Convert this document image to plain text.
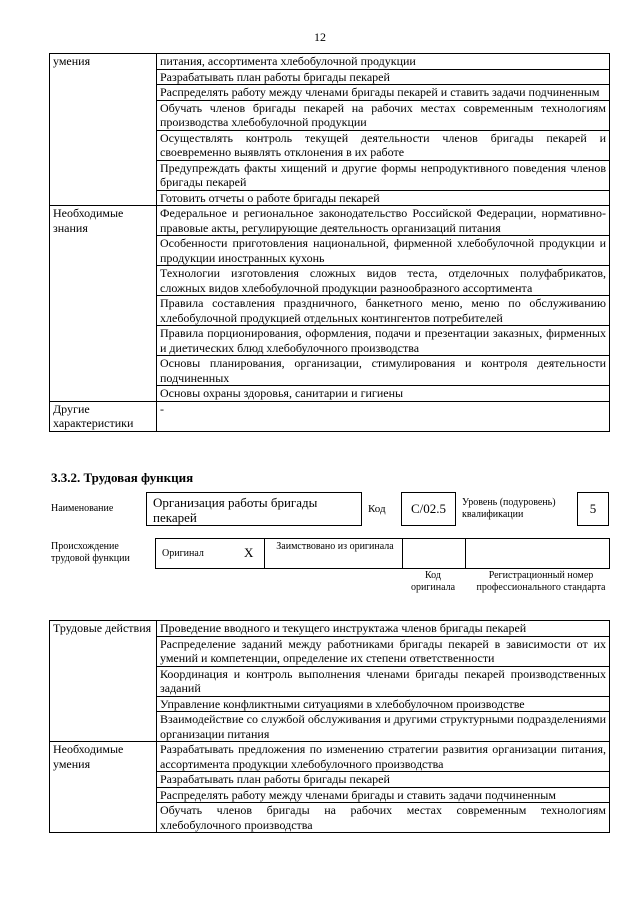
12
умения	питания, ассортимента хлебобулочной продукции
	Разрабатывать план работы бригады пекарей
	Распределять работу между членами бригады пекарей и ставить задачи подчиненным
	Обучать членов бригады пекарей на рабочих местах современным технологиям производства хлебобулочной продукции
	Осуществлять контроль текущей деятельности членов бригады пекарей и своевременно выявлять отклонения в их работе
	Предупреждать факты хищений и другие формы непродуктивного поведения членов бригады пекарей
	Готовить отчеты о работе бригады пекарей
Необходимые знания	Федеральное и региональное законодательство Российской Федерации, нормативно-правовые акты, регулирующие деятельность организаций питания
	Особенности приготовления национальной, фирменной хлебобулочной продукции и продукции иностранных кухонь
	Технологии изготовления сложных видов теста, отделочных полуфабрикатов, сложных видов хлебобулочной продукции разнообразного ассортимента
	Правила составления праздничного, банкетного меню, меню по обслуживанию хлебобулочной продукцией отдельных контингентов потребителей
	Правила порционирования, оформления, подачи и презентации заказных, фирменных и диетических блюд хлебобулочного производства
	Основы планирования, организации, стимулирования и контроля деятельности подчиненных
	Основы охраны здоровья, санитарии и гигиены
Другие характеристики	-
3.3.2. Трудовая функция
Наименование	Организация работы бригады пекарей
Код	С/02.5	Уровень (подуровень) квалификации	5
Происхождение трудовой функции	Оригинал	X	Заимствовано из оригинала
Код оригинала
Регистрационный номер профессионального стандарта
Трудовые действия	Проведение вводного и текущего инструктажа членов бригады пекарей
	Распределение заданий между работниками бригады пекарей в зависимости от их умений и компетенции, определение их степени ответственности
	Координация и контроль выполнения членами бригады пекарей производственных заданий
	Управление конфликтными ситуациями в хлебобулочном производстве
	Взаимодействие со службой обслуживания и другими структурными подразделениями организации питания
Необходимые умения	Разрабатывать предложения по изменению стратегии развития организации питания, ассортимента продукции хлебобулочного производства
	Разрабатывать план работы бригады пекарей
	Распределять работу между членами бригады и ставить задачи подчиненным
	Обучать членов бригады на рабочих местах современным технологиям хлебобулочного производства
